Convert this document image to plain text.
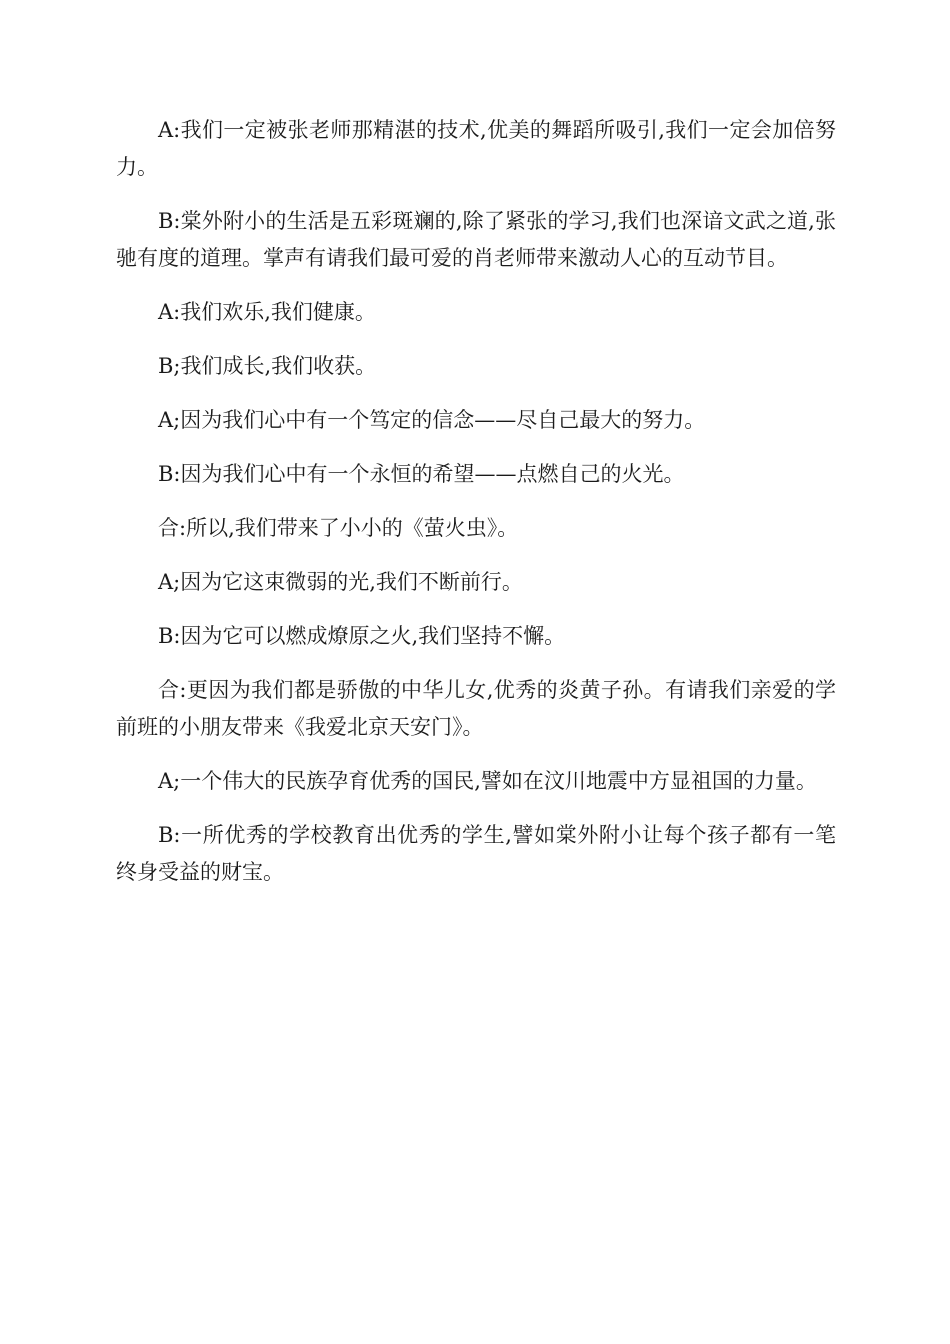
A:我们一定被张老师那精湛的技术,优美的舞蹈所吸引,我们一定会加倍努力。

B:棠外附小的生活是五彩斑斓的,除了紧张的学习,我们也深谙文武之道,张驰有度的道理。掌声有请我们最可爱的肖老师带来激动人心的互动节目。

A:我们欢乐,我们健康。

B;我们成长,我们收获。

A;因为我们心中有一个笃定的信念——尽自己最大的努力。

B:因为我们心中有一个永恒的希望——点燃自己的火光。

合:所以,我们带来了小小的《萤火虫》。

A;因为它这束微弱的光,我们不断前行。

B:因为它可以燃成燎原之火,我们坚持不懈。

合:更因为我们都是骄傲的中华儿女,优秀的炎黄子孙。有请我们亲爱的学前班的小朋友带来《我爱北京天安门》。

A;一个伟大的民族孕育优秀的国民,譬如在汶川地震中方显祖国的力量。

B:一所优秀的学校教育出优秀的学生,譬如棠外附小让每个孩子都有一笔终身受益的财宝。
